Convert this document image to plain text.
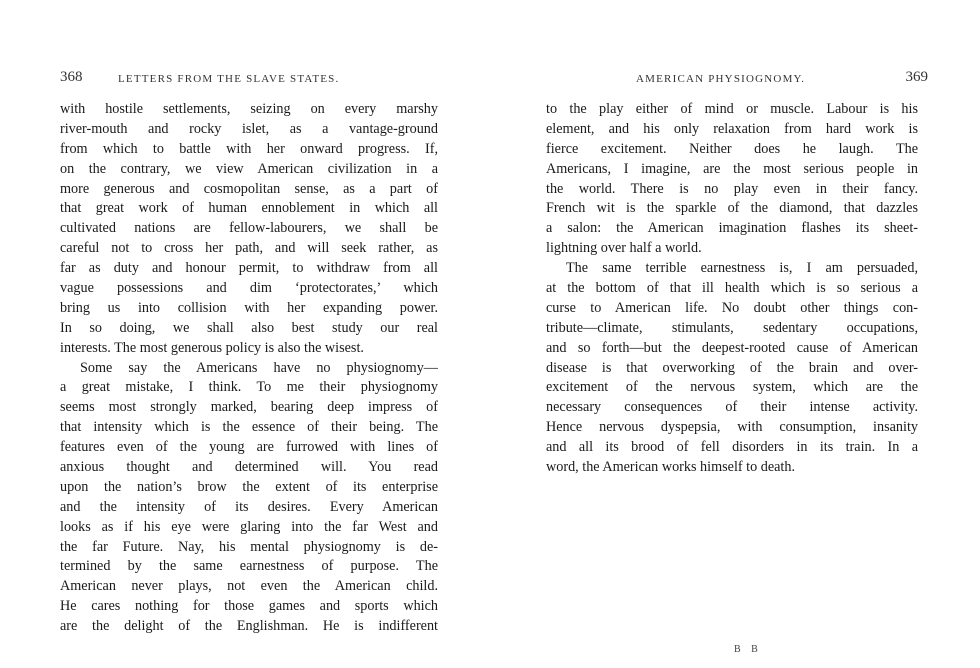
368	LETTERS FROM THE SLAVE STATES.
with hostile settlements, seizing on every marshy
river-mouth and rocky islet, as a vantage-ground
from which to battle with her onward progress. If,
on the contrary, we view American civilization in a
more generous and cosmopolitan sense, as a part of
that great work of human ennoblement in which all
cultivated nations are fellow-labourers, we shall be
careful not to cross her path, and will seek rather, as
far as duty and honour permit, to withdraw from all
vague possessions and dim ‘protectorates,’ which
bring us into collision with her expanding power.
In so doing, we shall also best study our real
interests. The most generous policy is also the wisest.
Some say the Americans have no physiognomy—
a great mistake, I think. To me their physiognomy
seems most strongly marked, bearing deep impress of
that intensity which is the essence of their being. The
features even of the young are furrowed with lines of
anxious thought and determined will. You read
upon the nation’s brow the extent of its enterprise
and the intensity of its desires. Every American
looks as if his eye were glaring into the far West and
the far Future. Nay, his mental physiognomy is de-
termined by the same earnestness of purpose. The
American never plays, not even the American child.
He cares nothing for those games and sports which
are the delight of the Englishman. He is indifferent
AMERICAN PHYSIOGNOMY.	369
to the play either of mind or muscle. Labour is his
element, and his only relaxation from hard work is
fierce excitement. Neither does he laugh. The
Americans, I imagine, are the most serious people in
the world. There is no play even in their fancy.
French wit is the sparkle of the diamond, that dazzles
a salon: the American imagination flashes its sheet-
lightning over half a world.
The same terrible earnestness is, I am persuaded,
at the bottom of that ill health which is so serious a
curse to American life. No doubt other things con-
tribute—climate, stimulants, sedentary occupations,
and so forth—but the deepest-rooted cause of American
disease is that overworking of the brain and over-
excitement of the nervous system, which are the
necessary consequences of their intense activity.
Hence nervous dyspepsia, with consumption, insanity
and all its brood of fell disorders in its train. In a
word, the American works himself to death.
B B
